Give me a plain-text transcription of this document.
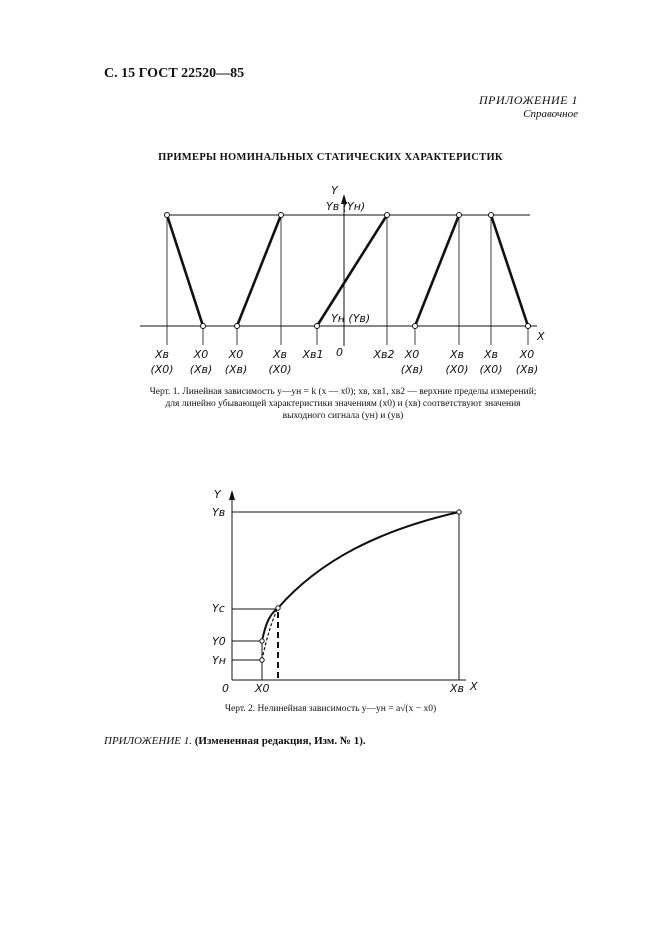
С. 15 ГОСТ 22520—85
ПРИЛОЖЕНИЕ 1
Справочное
ПРИМЕРЫ НОМИНАЛЬНЫХ СТАТИЧЕСКИХ ХАРАКТЕРИСТИК
Y
X
Yв (Yн)
Yн (Yв)
0
Xв
(X0)
X0
(Xв)
X0
(Xв)
Xв
(X0)
Xв1	Xв2 X0
(Xв)
Xв
(X0)
Xв
(X0)
X0
(Xв)
Черт. 1. Линейная зависимость y—yн = k (x — x0); xв, xв1, xв2 — верхние пределы измерений;
для линейно убывающей характеристики значениям (x0) и (xв) соответствуют значения
выходного сигнала (yн) и (yв)
Y
X
0
Yв
Yc
Y0
Yн
X0	Xв
Черт. 2. Нелинейная зависимость y—yн = a√(x − x0)
ПРИЛОЖЕНИЕ 1. (Измененная редакция, Изм. № 1).
